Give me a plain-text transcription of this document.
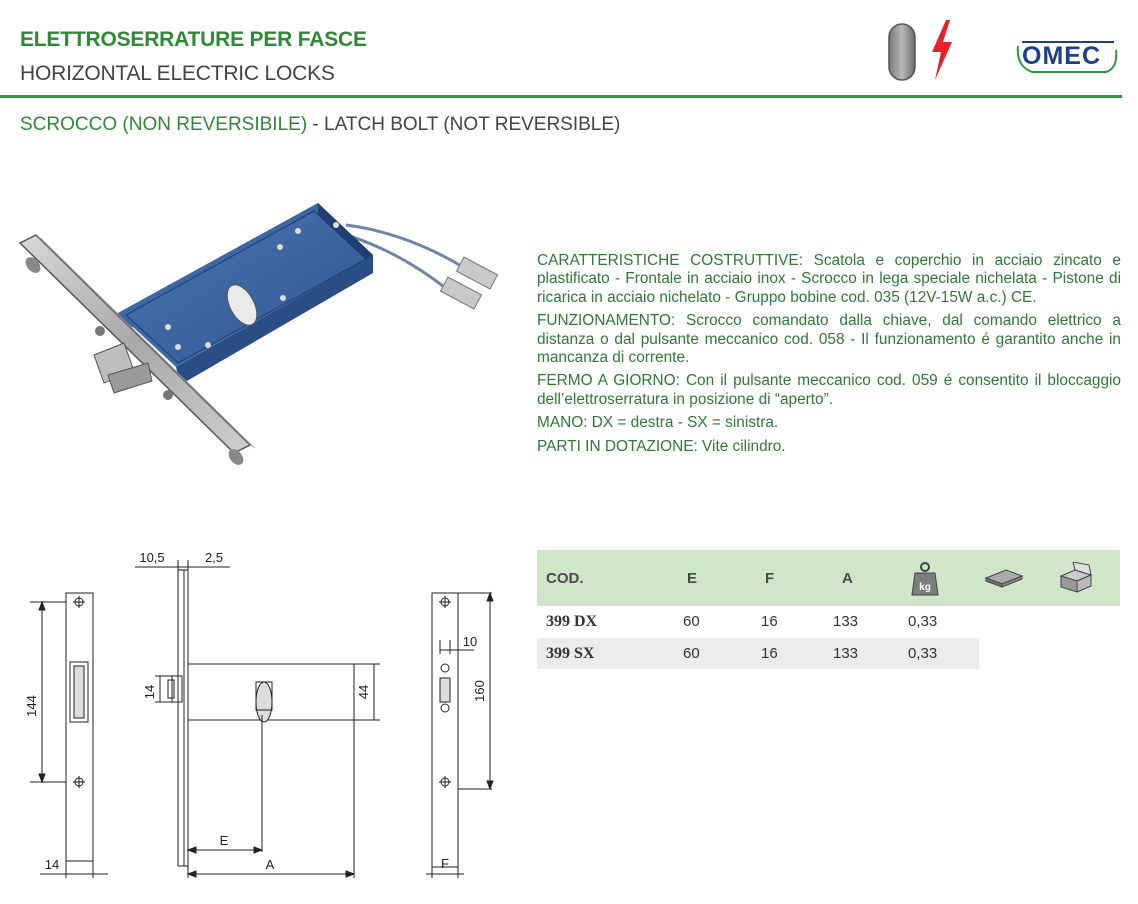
ELETTROSERRATURE PER FASCE
HORIZONTAL ELECTRIC LOCKS
OMEC
SCROCCO (NON REVERSIBILE) - LATCH BOLT (NOT REVERSIBLE)

CARATTERISTICHE COSTRUTTIVE: Scatola e coperchio in acciaio zincato e plastificato - Frontale in acciaio inox - Scrocco in lega speciale nichelata - Pistone di ricarica in acciaio nichelato - Gruppo bobine cod. 035 (12V-15W a.c.) CE.

FUNZIONAMENTO: Scrocco comandato dalla chiave, dal comando elettrico a distanza o dal pulsante meccanico cod. 058 - Il funzionamento é garantito anche in mancanza di corrente.

FERMO A GIORNO: Con il pulsante meccanico cod. 059 é consentito il bloccaggio dell’elettroserratura in posizione di “aperto”.

MANO: DX = destra - SX = sinistra.

PARTI IN DOTAZIONE: Vite cilindro.

144
14
10,5	2,5
14	44
E
A
10
160
F
COD.	E	F	A
kg
399 DX	60	16	133	0,33
399 SX	60	16	133	0,33
